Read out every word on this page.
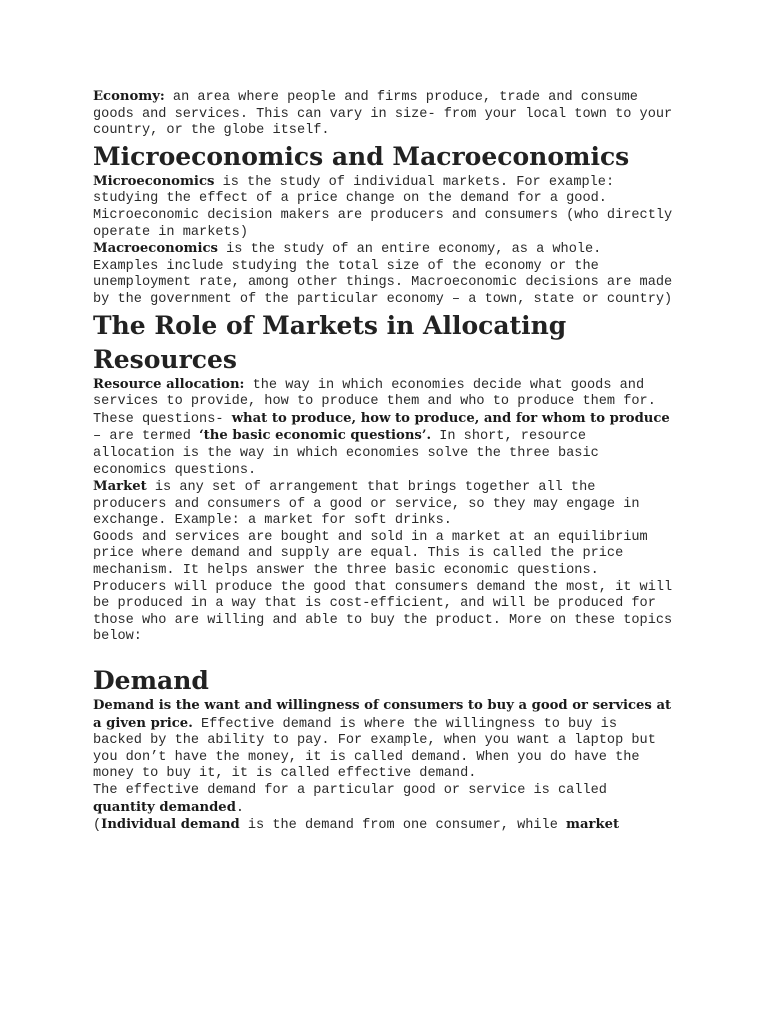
Economy: an area where people and firms produce, trade and consume goods and services. This can vary in size- from your local town to your country, or the globe itself.

Microeconomics and Macroeconomics

Microeconomics is the study of individual markets. For example: studying the effect of a price change on the demand for a good. Microeconomic decision makers are producers and consumers (who directly operate in markets)

Macroeconomics is the study of an entire economy, as a whole. Examples include studying the total size of the economy or the unemployment rate, among other things. Macroeconomic decisions are made by the government of the particular economy – a town, state or country)

The Role of Markets in Allocating Resources

Resource allocation: the way in which economies decide what goods and services to provide, how to produce them and who to produce them for.

These questions- what to produce, how to produce, and for whom to produce – are termed ‘the basic economic questions’. In short, resource allocation is the way in which economies solve the three basic economics questions.

Market is any set of arrangement that brings together all the producers and consumers of a good or service, so they may engage in exchange. Example: a market for soft drinks.

Goods and services are bought and sold in a market at an equilibrium price where demand and supply are equal. This is called the price mechanism. It helps answer the three basic economic questions. Producers will produce the good that consumers demand the most, it will be produced in a way that is cost-efficient, and will be produced for those who are willing and able to buy the product. More on these topics below:

Demand

Demand is the want and willingness of consumers to buy a good or services at a given price. Effective demand is where the willingness to buy is backed by the ability to pay. For example, when you want a laptop but you don’t have the money, it is called demand. When you do have the money to buy it, it is called effective demand.

The effective demand for a particular good or service is called quantity demanded.

(Individual demand is the demand from one consumer, while market
